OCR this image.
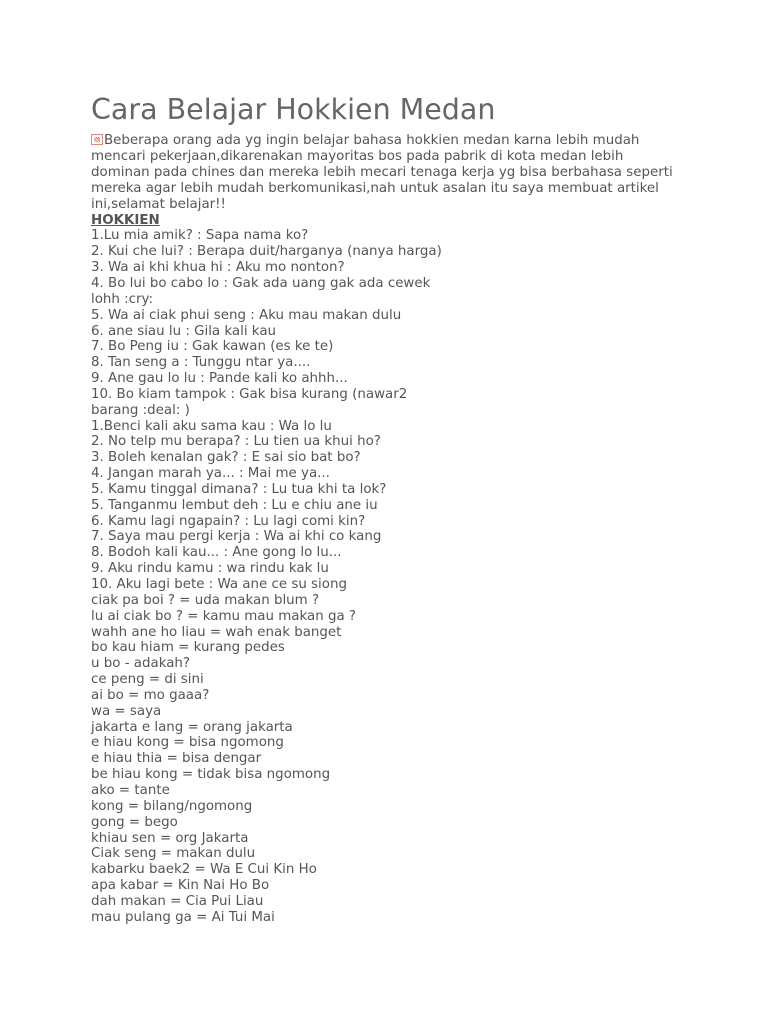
Cara Belajar Hokkien Medan
Beberapa orang ada yg ingin belajar bahasa hokkien medan karna lebih mudah
mencari pekerjaan,dikarenakan mayoritas bos pada pabrik di kota medan lebih
dominan pada chines dan mereka lebih mecari tenaga kerja yg bisa berbahasa seperti
mereka agar lebih mudah berkomunikasi,nah untuk asalan itu saya membuat artikel
ini,selamat belajar!!
HOKKIEN
1.Lu mia amik? : Sapa nama ko?
2. Kui che lui? : Berapa duit/harganya (nanya harga)
3. Wa ai khi khua hi : Aku mo nonton?
4. Bo lui bo cabo lo : Gak ada uang gak ada cewek
lohh :cry:
5. Wa ai ciak phui seng : Aku mau makan dulu
6. ane siau lu : Gila kali kau
7. Bo Peng iu : Gak kawan (es ke te)
8. Tan seng a : Tunggu ntar ya....
9. Ane gau lo lu : Pande kali ko ahhh...
10. Bo kiam tampok : Gak bisa kurang (nawar2
barang :deal: )
1.Benci kali aku sama kau : Wa lo lu
2. No telp mu berapa? : Lu tien ua khui ho?
3. Boleh kenalan gak? : E sai sio bat bo?
4. Jangan marah ya... : Mai me ya...
5. Kamu tinggal dimana? : Lu tua khi ta lok?
5. Tanganmu lembut deh : Lu e chiu ane iu
6. Kamu lagi ngapain? : Lu lagi comi kin?
7. Saya mau pergi kerja : Wa ai khi co kang
8. Bodoh kali kau... : Ane gong lo lu...
9. Aku rindu kamu : wa rindu kak lu
10. Aku lagi bete : Wa ane ce su siong
ciak pa boi ? = uda makan blum ?
lu ai ciak bo ? = kamu mau makan ga ?
wahh ane ho liau = wah enak banget
bo kau hiam = kurang pedes
u bo - adakah?
ce peng = di sini
ai bo = mo gaaa?
wa = saya
jakarta e lang = orang jakarta
e hiau kong = bisa ngomong
e hiau thia = bisa dengar
be hiau kong = tidak bisa ngomong
ako = tante
kong = bilang/ngomong
gong = bego
khiau sen = org Jakarta
Ciak seng = makan dulu
kabarku baek2 = Wa E Cui Kin Ho
apa kabar = Kin Nai Ho Bo
dah makan = Cia Pui Liau
mau pulang ga = Ai Tui Mai
